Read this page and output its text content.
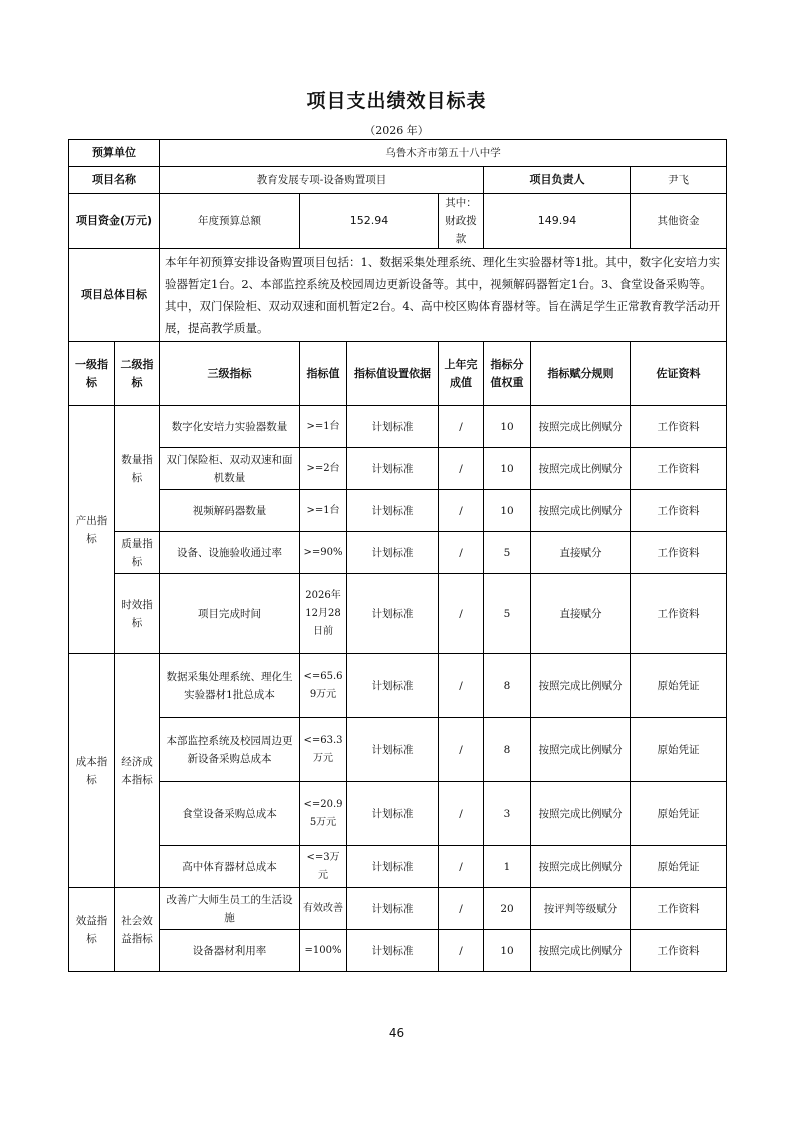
项目支出绩效目标表
（2026 年）
预算单位		乌鲁木齐市第五十八中学							
项目名称		教育发展专项-设备购置项目				项目负责人		尹飞	
项目资金(万元)		年度预算总额	152.94		其中：财政拨款	149.94		其他资金	
项目总体目标		本年年初预算安排设备购置项目包括：1、数据采集处理系统、理化生实验器材等1批。其中，数字化安培力实验器暂定1台。2、本部监控系统及校园周边更新设备等。其中，视频解码器暂定1台。3、食堂设备采购等。其中，双门保险柜、双动双速和面机暂定2台。4、高中校区购体育器材等。旨在满足学生正常教育教学活动开展，提高教学质量。							
一级指标	二级指标	三级指标	指标值	指标值设置依据	上年完成值	指标分值权重	指标赋分规则	佐证资料	
产出指标	数量指标	数字化安培力实验器数量	>=1台	计划标准	/	10	按照完成比例赋分	工作资料	
		双门保险柜、双动双速和面机数量	>=2台	计划标准	/	10	按照完成比例赋分	工作资料	
		视频解码器数量	>=1台	计划标准	/	10	按照完成比例赋分	工作资料	
	质量指标	设备、设施验收通过率	>=90%	计划标准	/	5	直接赋分	工作资料	
	时效指标	项目完成时间	2026年12月28日前	计划标准	/	5	直接赋分	工作资料	
成本指标	经济成本指标	数据采集处理系统、理化生实验器材1批总成本	<=65.69万元	计划标准	/	8	按照完成比例赋分	原始凭证	
		本部监控系统及校园周边更新设备采购总成本	<=63.3万元	计划标准	/	8	按照完成比例赋分	原始凭证	
		食堂设备采购总成本	<=20.95万元	计划标准	/	3	按照完成比例赋分	原始凭证	
		高中体育器材总成本	<=3万元	计划标准	/	1	按照完成比例赋分	原始凭证	
效益指标	社会效益指标	改善广大师生员工的生活设施	有效改善	计划标准	/	20	按评判等级赋分	工作资料	
		设备器材利用率	=100%	计划标准	/	10	按照完成比例赋分	工作资料	
46
